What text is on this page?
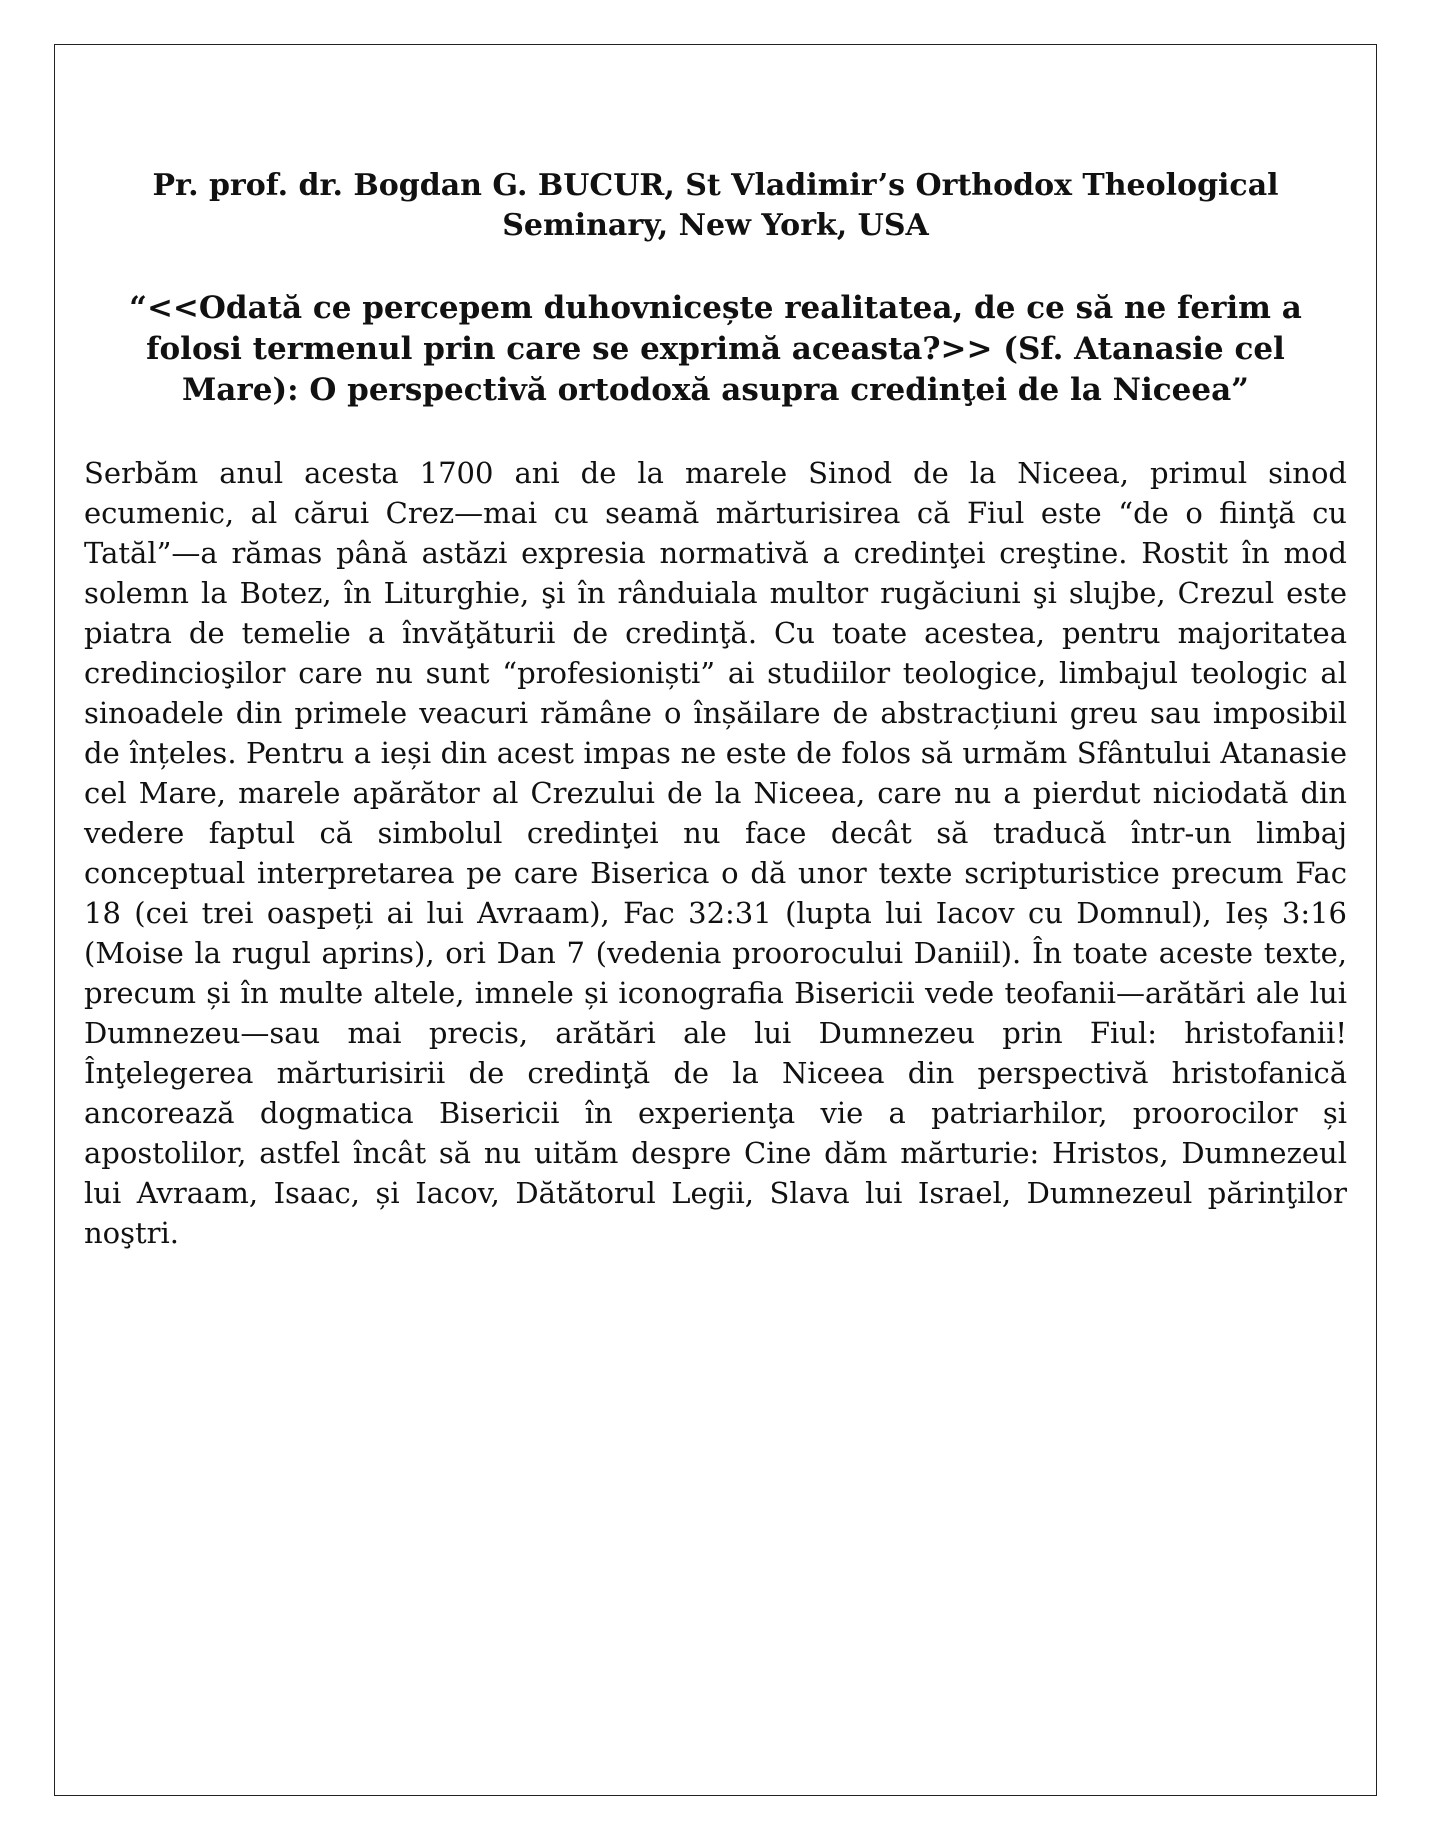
Pr. prof. dr. Bogdan G. BUCUR, St Vladimir’s Orthodox Theological Seminary, New York, USA

“<<Odată ce percepem duhovnicește realitatea, de ce să ne ferim a folosi termenul prin care se exprimă aceasta?>> (Sf. Atanasie cel Mare): O perspectivă ortodoxă asupra credinţei de la Niceea”

Serbăm anul acesta 1700 ani de la marele Sinod de la Niceea, primul sinod ecumenic, al cărui Crez—mai cu seamă mărturisirea că Fiul este “de o fiinţă cu Tatăl”—a rămas până astăzi expresia normativă a credinţei creştine. Rostit în mod solemn la Botez, în Liturghie, şi în rânduiala multor rugăciuni şi slujbe, Crezul este piatra de temelie a învăţăturii de credinţă. Cu toate acestea, pentru majoritatea credincioşilor care nu sunt “profesioniști” ai studiilor teologice, limbajul teologic al sinoadele din primele veacuri rămâne o înșăilare de abstracțiuni greu sau imposibil de înțeles. Pentru a ieși din acest impas ne este de folos să urmăm Sfântului Atanasie cel Mare, marele apărător al Crezului de la Niceea, care nu a pierdut niciodată din vedere faptul că simbolul credinţei nu face decât să traducă într-un limbaj conceptual interpretarea pe care Biserica o dă unor texte scripturistice precum Fac 18 (cei trei oaspeți ai lui Avraam), Fac 32:31 (lupta lui Iacov cu Domnul), Ieș 3:16 (Moise la rugul aprins), ori Dan 7 (vedenia proorocului Daniil). În toate aceste texte, precum și în multe altele, imnele și iconografia Bisericii vede teofanii—arătări ale lui Dumnezeu—sau mai precis, arătări ale lui Dumnezeu prin Fiul: hristofanii! Înţelegerea mărturisirii de credinţă de la Niceea din perspectivă hristofanică ancorează dogmatica Bisericii în experienţa vie a patriarhilor, proorocilor și apostolilor, astfel încât să nu uităm despre Cine dăm mărturie: Hristos, Dumnezeul lui Avraam, Isaac, și Iacov, Dătătorul Legii, Slava lui Israel, Dumnezeul părinţilor noştri.
